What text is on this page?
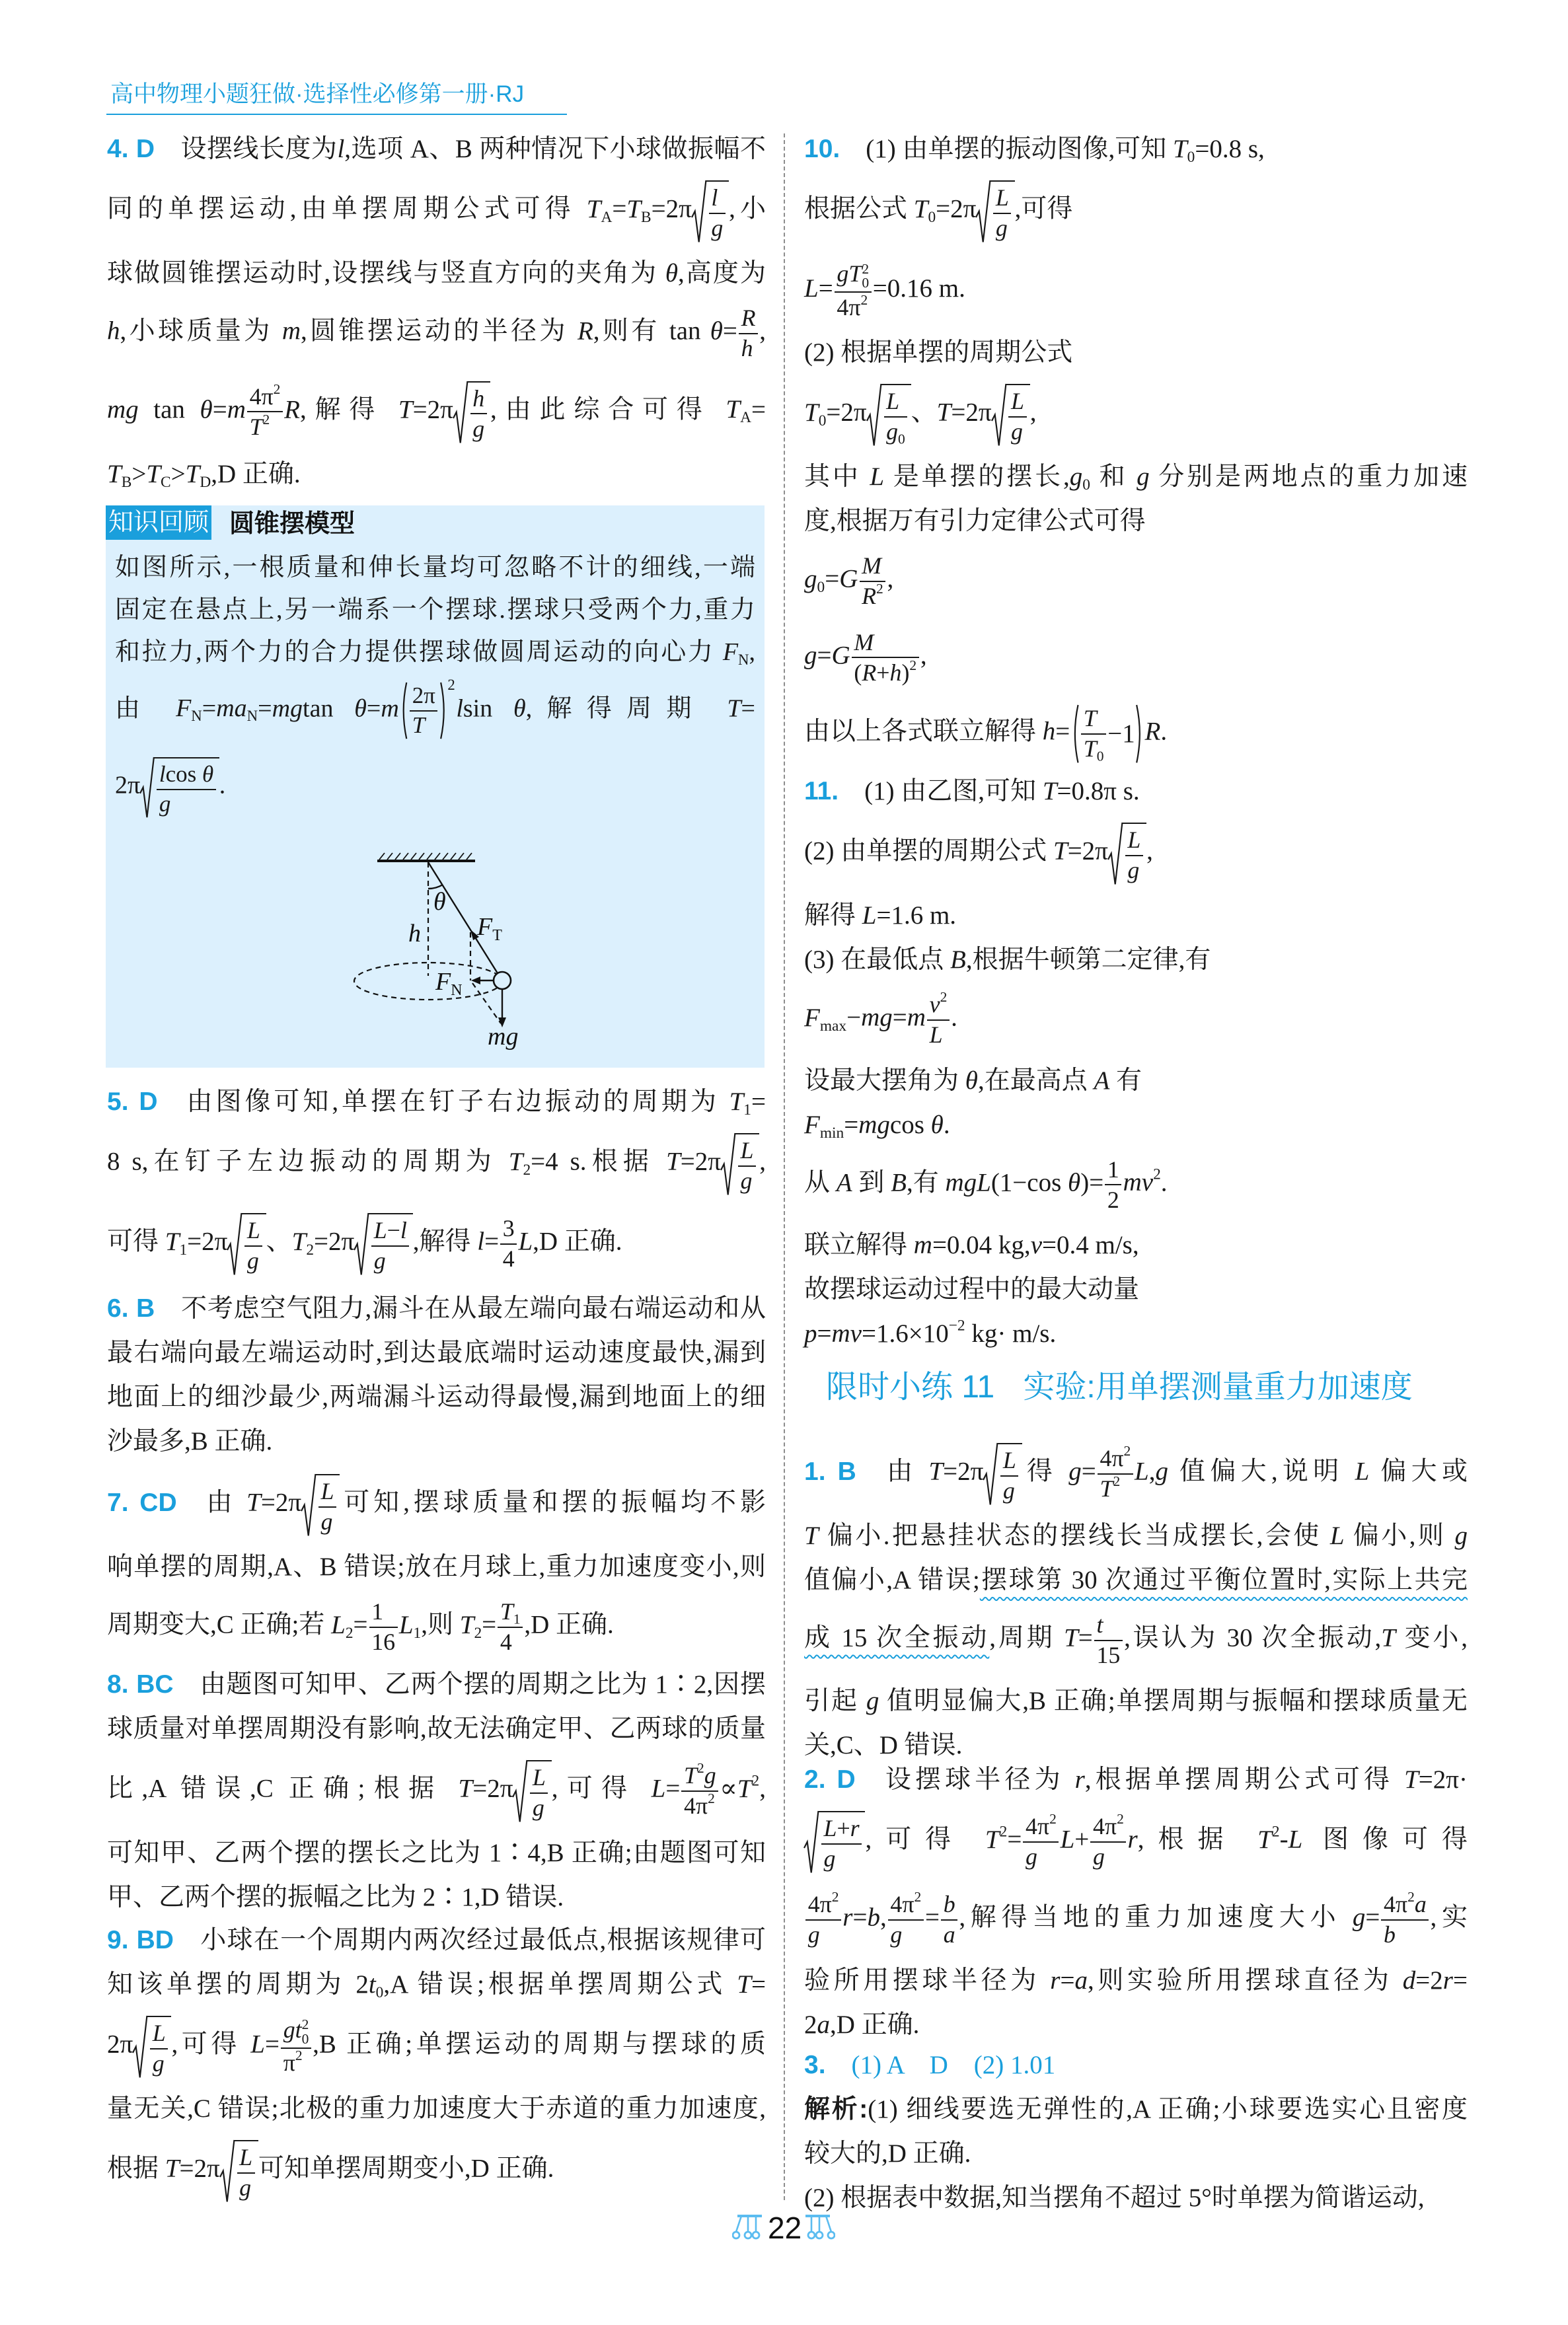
高中物理小题狂做·选择性必修第一册·RJ
4. D 设摆线长度为l,选项 A、B 两种情况下小球做振幅不
同的单摆运动,由单摆周期公式可得 $TA=TB=2\pi \frac{l}{g}$ ,小
球做圆锥摆运动时,设摆线与竖直方向的夹角为 θ,高度为
h,小球质量为 m,圆锥摆运动的半径为 R,则有 $\tan \theta= \frac{R}{h}$ ,
mg $\tan \theta=m \frac{4\pi^2}{T^2} R$,解得 $T=2\pi \frac{h}{g}$ ,由此综合可得 TA=
TB>TC>TD,D 正确.
知识回顾 圆锥摆模型
如图所示,一根质量和伸长量均可忽略不计的细线,一端
固定在悬点上,另一端系一个摆球.摆球只受两个力,重力
和拉力,两个力的合力提供摆球做圆周运动的向心力 FN,
由 FN=maN=mgtan $\theta=m \frac{2\pi}{T} 2$
lsin θ,解得周期 T=
$2\pi \frac{\text{lcos θ}}{g}$ .
θ
h $F_T$
$F_N$
mg
5. D 由图像可知,单摆在钉子右边振动的周期为 T1=
8 s,在钉子左边振动的周期为 T2=4 s.根据 $T=2\pi \frac{L}{g}$ ,
可得 $T1=2\pi \frac{L}{g}$ 、$T2=2\pi \frac{L-l}{g}$ ,解得 $l= \frac{3}{4} L,D$ 正确.
6. B 不考虑空气阻力,漏斗在从最左端向最右端运动和从
最右端向最左端运动时,到达最底端时运动速度最快,漏到
地面上的细沙最少,两端漏斗运动得最慢,漏到地面上的细
沙最多,B 正确.
7. CD 由 $T=2\pi \frac{L}{g}$ 可知,摆球质量和摆的振幅均不影
响单摆的周期,A、B 错误;放在月球上,重力加速度变小,则
周期变大,C 正确;若 $L2= \frac{1}{16} L1$,则 $T2= \frac{T1}{4} ,D$ 正确.
8. BC 由题图可知甲、乙两个摆的周期之比为 1∶2,因摆
球质量对单摆周期没有影响,故无法确定甲、乙两球的质量
比,A 错误,C 正确;根据 $T=2\pi \frac{L}{g}$ ,可得 $L= \frac{T^2g}{4\pi^2} \propto T^2$,
可知甲、乙两个摆的摆长之比为 1∶4,B 正确;由题图可知
甲、乙两个摆的振幅之比为 2∶1,D 错误.
9. BD 小球在一个周期内两次经过最低点,根据该规律可
知该单摆的周期为 2t0,A 错误;根据单摆周期公式 T=
$2\pi \frac{L}{g}$ ,可得 L= gt 2
0
$\pi^2$ ,B 正确;单摆运动的周期与摆球的质
量无关,C 错误;北极的重力加速度大于赤道的重力加速度,
根据 $T=2\pi \frac{L}{g}$ 可知单摆周期变小,D 正确.
10. (1) 由单摆的振动图像,可知 T0=0.8 s,
根据公式 $T0=2\pi \frac{L}{g}$ ,可得
L= gT 2
0
$4\pi^2 =0.16$ m.
(2) 根据单摆的周期公式
$T0=2\pi \frac{L}{g0}$ 、$T=2\pi \frac{L}{g}$ ,
其中 L 是单摆的摆长,g0 和 g 分别是两地点的重力加速
度,根据万有引力定律公式可得
$g0=G \frac{M}{R^2}$ ,
$g=G \frac{M}{(R+h)^2}$ ,
由以上各式联立解得 $h= \frac{T}{T0} -1$ R.
11. (1) 由乙图,可知 T=0.8π s.
(2) 由单摆的周期公式 $T=2\pi \frac{L}{g}$ ,
解得 L=1.6 m.
(3) 在最低点 B,根据牛顿第二定律,有
$Fmax-mg=m \frac{v^2}{L}$ .
设最大摆角为 θ,在最高点 A 有
Fmin=mgcos θ.
从 A 到 B,有 mgL(1−cos $\theta)= \frac{1}{2} mv^2$.
联立解得 m=0.04 kg,v=0.4 m/s,
故摆球运动过程中的最大动量
$p=mv=1.6\times 10^{-2}$ kg· m/s.
限时小练 11 实验:用单摆测量重力加速度
1. B 由 $T=2\pi \frac{L}{g}$ 得 $g= \frac{4\pi^2}{T^2} L,g$ 值偏大,说明 L 偏大或
T 偏小.把悬挂状态的摆线长当成摆长,会使 L 偏小,则 g
值偏小,A 错误;摆球第 30 次通过平衡位置时,实际上共完
成 15 次全振动,周期 $T= \frac{t}{15}$ ,误认为 30 次全振动,T 变小,
引起 g 值明显偏大,B 正确;单摆周期与振幅和摆球质量无
关,C、D 错误.
2. D 设摆球半径为 r,根据单摆周期公式可得 T=2π·
$\frac{L+r}{g}$ ,可得 $T^2= \frac{4\pi^2}{g} L+ \frac{4\pi^2}{g} r$,根据 $T^2-L$ 图像可得
$\frac{4\pi^2}{g} r=b$, $\frac{4\pi^2}{g} = \frac{b}{a}$ ,解得当地的重力加速度大小 $g= \frac{4\pi^2a}{b}$ ,实
验所用摆球半径为 r=a,则实验所用摆球直径为 d=2r=
2a,D 正确.
3. (1) A　D　(2) 1.01
解析:(1) 细线要选无弹性的,A 正确;小球要选实心且密度
较大的,D 正确.
(2) 根据表中数据,知当摆角不超过 5°时单摆为简谐运动,
22
